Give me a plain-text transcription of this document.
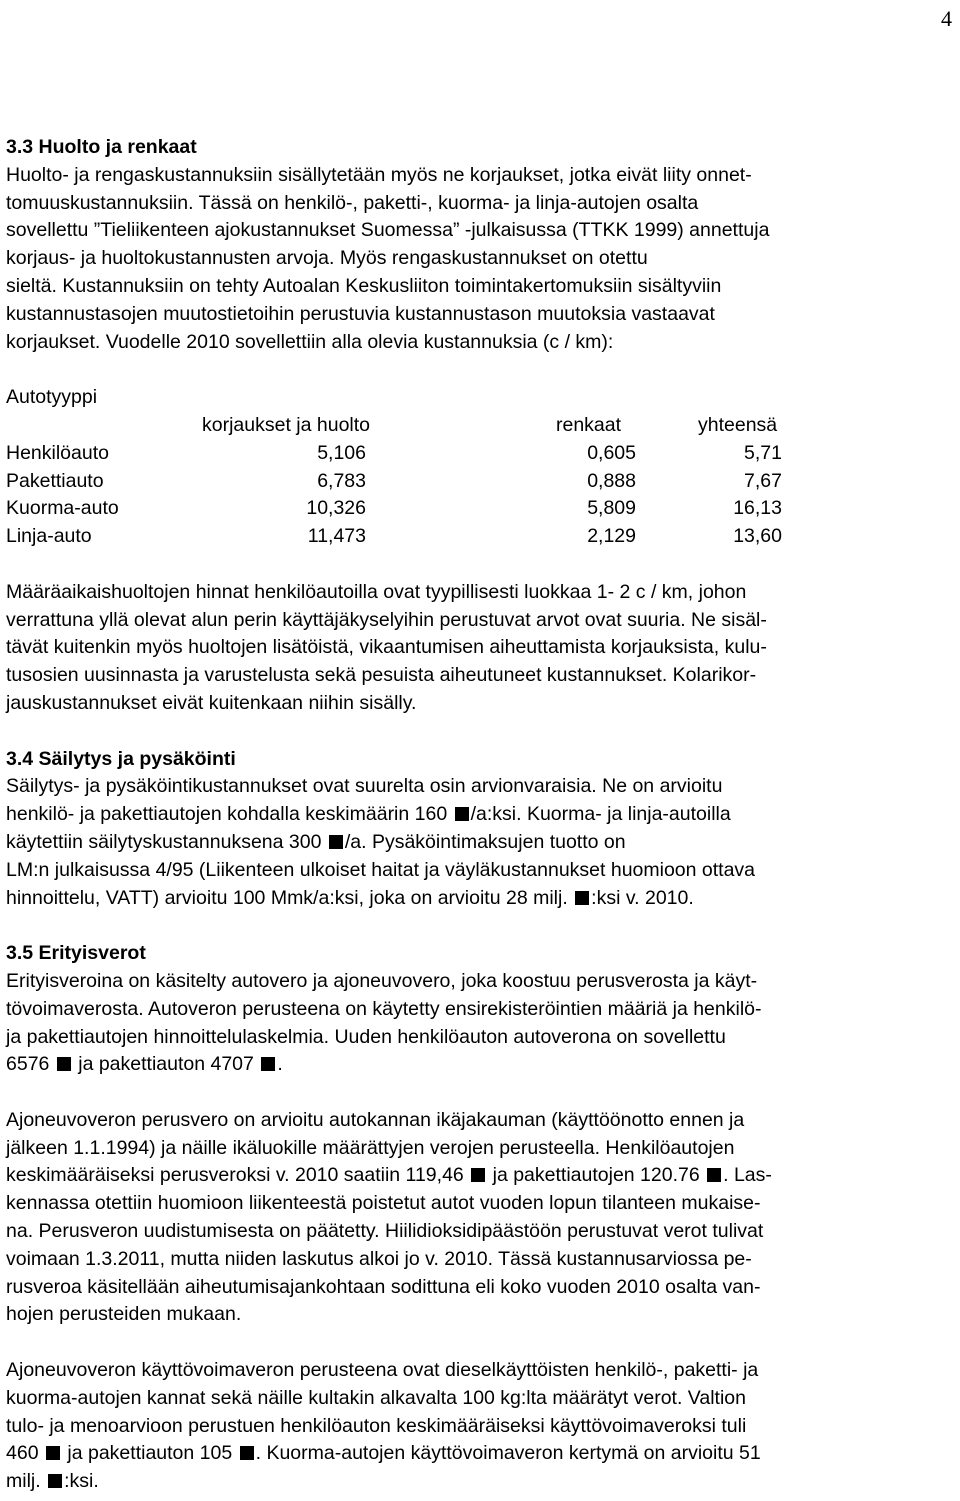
4
3.3 Huolto ja renkaat
Huolto- ja rengaskustannuksiin sisällytetään myös ne korjaukset, jotka eivät liity onnet-
tomuuskustannuksiin. Tässä on henkilö-, paketti-, kuorma- ja linja-autojen osalta
sovellettu ”Tieliikenteen ajokustannukset Suomessa” -julkaisussa (TTKK 1999) annettuja
korjaus- ja huoltokustannusten arvoja. Myös rengaskustannukset on otettu
sieltä. Kustannuksiin on tehty Autoalan Keskusliiton toimintakertomuksiin sisältyviin
kustannustasojen muutostietoihin perustuvia kustannustason muutoksia vastaavat
korjaukset. Vuodelle 2010 sovellettiin alla olevia kustannuksia (c / km):
Autotyyppi
korjaukset ja huolto	renkaat	yhteensä
Henkilöauto	5,106	0,605	5,71
Pakettiauto	6,783	0,888	7,67
Kuorma-auto	10,326	5,809	16,13
Linja-auto	11,473	2,129	13,60
Määräaikaishuoltojen hinnat henkilöautoilla ovat tyypillisesti luokkaa 1- 2 c / km, johon
verrattuna yllä olevat alun perin käyttäjäkyselyihin perustuvat arvot ovat suuria. Ne sisäl-
tävät kuitenkin myös huoltojen lisätöistä, vikaantumisen aiheuttamista korjauksista, kulu-
tusosien uusinnasta ja varustelusta sekä pesuista aiheutuneet kustannukset. Kolarikor-
jauskustannukset eivät kuitenkaan niihin sisälly.
3.4 Säilytys ja pysäköinti
Säilytys- ja pysäköintikustannukset ovat suurelta osin arvionvaraisia. Ne on arvioitu
henkilö- ja pakettiautojen kohdalla keskimäärin 160 /a:ksi. Kuorma- ja linja-autoilla
käytettiin säilytyskustannuksena 300 /a. Pysäköintimaksujen tuotto on
LM:n julkaisussa 4/95 (Liikenteen ulkoiset haitat ja väyläkustannukset huomioon ottava
hinnoittelu, VATT) arvioitu 100 Mmk/a:ksi, joka on arvioitu 28 milj. :ksi v. 2010.
3.5 Erityisverot
Erityisveroina on käsitelty autovero ja ajoneuvovero, joka koostuu perusverosta ja käyt-
tövoimaverosta. Autoveron perusteena on käytetty ensirekisteröintien määriä ja henkilö-
ja pakettiautojen hinnoittelulaskelmia. Uuden henkilöauton autoverona on sovellettu
6576 ja pakettiauton 4707 .
Ajoneuvoveron perusvero on arvioitu autokannan ikäjakauman (käyttöönotto ennen ja
jälkeen 1.1.1994) ja näille ikäluokille määrättyjen verojen perusteella. Henkilöautojen
keskimääräiseksi perusveroksi v. 2010 saatiin 119,46 ja pakettiautojen 120.76 . Las-
kennassa otettiin huomioon liikenteestä poistetut autot vuoden lopun tilanteen mukaise-
na. Perusveron uudistumisesta on päätetty. Hiilidioksidipäästöön perustuvat verot tulivat
voimaan 1.3.2011, mutta niiden laskutus alkoi jo v. 2010. Tässä kustannusarviossa pe-
rusveroa käsitellään aiheutumisajankohtaan sodittuna eli koko vuoden 2010 osalta van-
hojen perusteiden mukaan.
Ajoneuvoveron käyttövoimaveron perusteena ovat dieselkäyttöisten henkilö-, paketti- ja
kuorma-autojen kannat sekä näille kultakin alkavalta 100 kg:lta määrätyt verot. Valtion
tulo- ja menoarvioon perustuen henkilöauton keskimääräiseksi käyttövoimaveroksi tuli
460 ja pakettiauton 105 . Kuorma-autojen käyttövoimaveron kertymä on arvioitu 51
milj. :ksi.
